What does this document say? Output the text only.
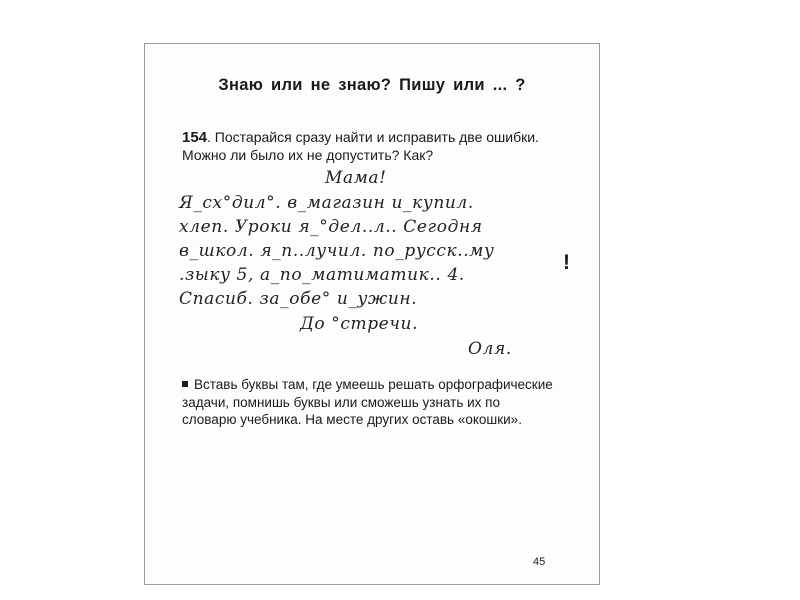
Знаю или не знаю? Пишу или ... ?
154. Постарайся сразу найти и исправить две ошибки. Можно ли было их не допустить? Как?
Мама!
Я_сх°дил°. в_магазин и_купил.
хлеп. Уроки я_°дел..л.. Сегодня
в_школ. я_п..лучил. по_русск..му
.зыку 5, а_по_матиматик.. 4.
Спасиб. за_обе° и_ужин.
До °стречи.
Оля.
!
Вставь буквы там, где умеешь решать орфографические задачи, помнишь буквы или сможешь узнать их по словарю учебника. На месте других оставь «окошки».
45
